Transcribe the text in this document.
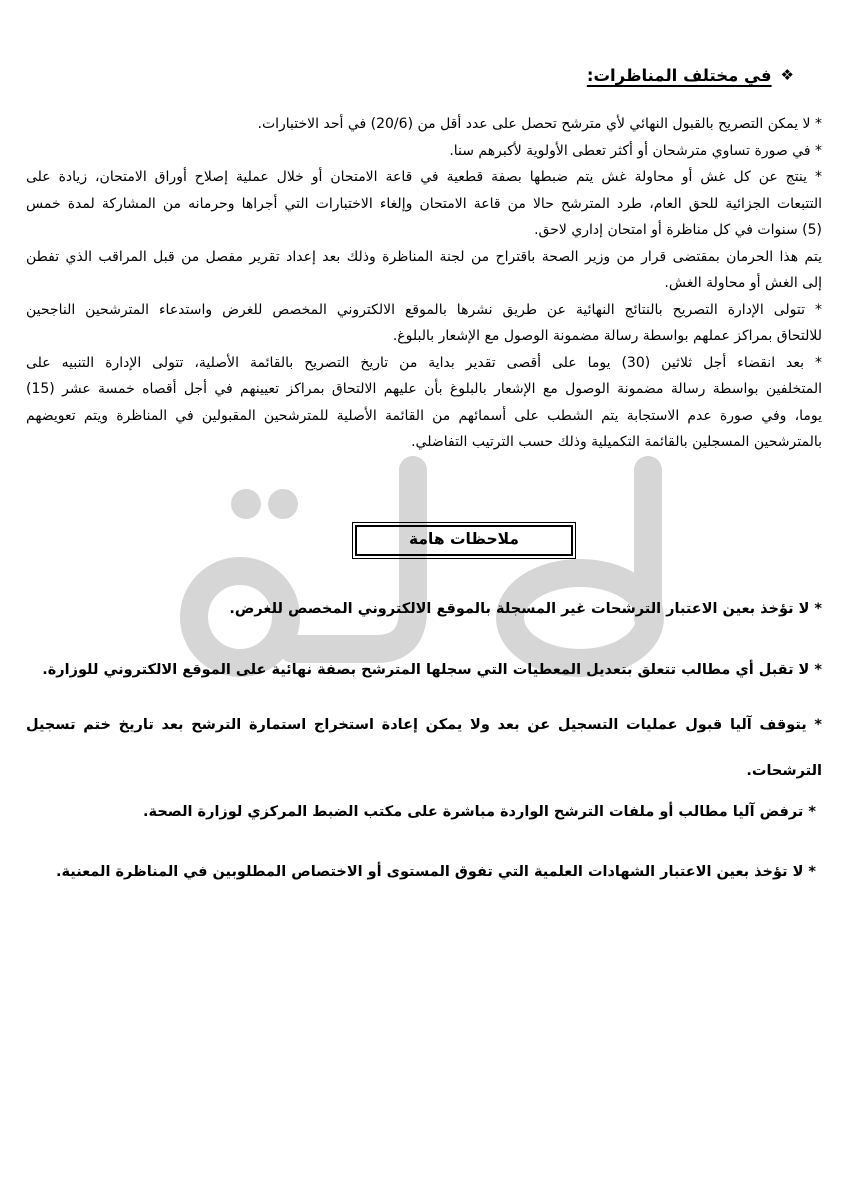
❖في مختلف المناظرات:
* لا يمكن التصريح بالقبول النهائي لأي مترشح تحصل على عدد أقل من (20/6) في أحد الاختبارات.
* في صورة تساوي مترشحان أو أكثر تعطى الأولوية لأكبرهم سنا.
* ينتج عن كل غش أو محاولة غش يتم ضبطها بصفة قطعية في قاعة الامتحان أو خلال عملية إصلاح أوراق الامتحان، زيادة على
التتبعات الجزائية للحق العام، طرد المترشح حالا من قاعة الامتحان وإلغاء الاختبارات التي أجراها وحرمانه من المشاركة لمدة خمس
(5) سنوات في كل مناظرة أو امتحان إداري لاحق.
يتم هذا الحرمان بمقتضى قرار من وزير الصحة باقتراح من لجنة المناظرة وذلك بعد إعداد تقرير مفصل من قبل المراقب الذي تفطن
إلى الغش أو محاولة الغش.
* تتولى الإدارة التصريح بالنتائج النهائية عن طريق نشرها بالموقع الالكتروني المخصص للغرض واستدعاء المترشحين الناجحين
للالتحاق بمراكز عملهم بواسطة رسالة مضمونة الوصول مع الإشعار بالبلوغ.
* بعد انقضاء أجل ثلاثين (30) يوما على أقصى تقدير بداية من تاريخ التصريح بالقائمة الأصلية، تتولى الإدارة التنبيه على
المتخلفين بواسطة رسالة مضمونة الوصول مع الإشعار بالبلوغ بأن عليهم الالتحاق بمراكز تعيينهم في أجل أقصاه خمسة عشر (15)
يوما، وفي صورة عدم الاستجابة يتم الشطب على أسمائهم من القائمة الأصلية للمترشحين المقبولين في المناظرة ويتم تعويضهم
بالمترشحين المسجلين بالقائمة التكميلية وذلك حسب الترتيب التفاضلي.
ملاحظات هامة
* لا تؤخذ بعين الاعتبار الترشحات غير المسجلة بالموقع الالكتروني المخصص للغرض.
* لا تقبل أي مطالب تتعلق بتعديل المعطيات التي سجلها المترشح بصفة نهائية على الموقع الالكتروني للوزارة.
* يتوقف آليا قبول عمليات التسجيل عن بعد ولا يمكن إعادة استخراج استمارة الترشح بعد تاريخ ختم تسجيل
الترشحات.
* ترفض آليا مطالب أو ملفات الترشح الواردة مباشرة على مكتب الضبط المركزي لوزارة الصحة.
* لا تؤخذ بعين الاعتبار الشهادات العلمية التي تفوق المستوى أو الاختصاص المطلوبين في المناظرة المعنية.
